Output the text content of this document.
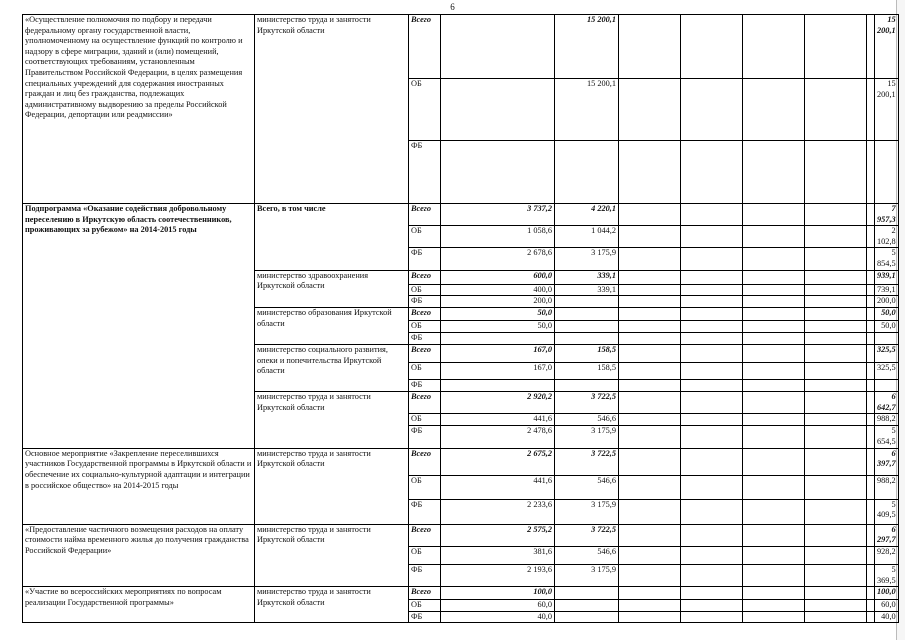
6
«Осуществление полномочия по подбору и передачи федеральному органу государственной власти, уполномоченному на осуществление функций по контролю и надзору в сфере миграции, зданий и (или) помещений, соответствующих требованиям, установленным Правительством Российской Федерации, в целях размещения специальных учреждений для содержания иностранных граждан и лиц без гражданства, подлежащих административному выдворению за пределы Российской Федерации, депортации или реадмиссии»	министерство труда и занятости Иркутской области	Всего		15 200,1						15 200,1
		ОБ		15 200,1						15 200,1
		ФБ								
Подпрограмма «Оказание содействия добровольному переселению в Иркутскую область соотечественников, проживающих за рубежом» на 2014-2015 годы	Всего, в том числе	Всего	3 737,2	4 220,1						7 957,3
		ОБ	1 058,6	1 044,2						2 102,8
		ФБ	2 678,6	3 175,9						5 854,5
	министерство здравоохранения Иркутской области	Всего	600,0	339,1						939,1
		ОБ	400,0	339,1						739,1
		ФБ	200,0							200,0
	министерство образования Иркутской области	Всего	50,0							50,0
		ОБ	50,0							50,0
		ФБ								
	министерство социального развития, опеки и попечительства Иркутской области	Всего	167,0	158,5						325,5
		ОБ	167,0	158,5						325,5
		ФБ								
	министерство труда и занятости Иркутской области	Всего	2 920,2	3 722,5						6 642,7
		ОБ	441,6	546,6						988,2
		ФБ	2 478,6	3 175,9						5 654,5
Основное мероприятие «Закрепление переселившихся участников Государственной программы в Иркутской области и обеспечение их социально-культурной адаптации и интеграции в российское общество» на 2014-2015 годы	министерство труда и занятости Иркутской области	Всего	2 675,2	3 722,5						6 397,7
		ОБ	441,6	546,6						988,2
		ФБ	2 233,6	3 175,9						5 409,5
«Предоставление частичного возмещения расходов на оплату стоимости найма временного жилья до получения гражданства Российской Федерации»	министерство труда и занятости Иркутской области	Всего	2 575,2	3 722,5						6 297,7
		ОБ	381,6	546,6						928,2
		ФБ	2 193,6	3 175,9						5 369,5
«Участие во всероссийских мероприятиях по вопросам реализации Государственной программы»	министерство труда и занятости Иркутской области	Всего	100,0							100,0
		ОБ	60,0							60,0
		ФБ	40,0							40,0
